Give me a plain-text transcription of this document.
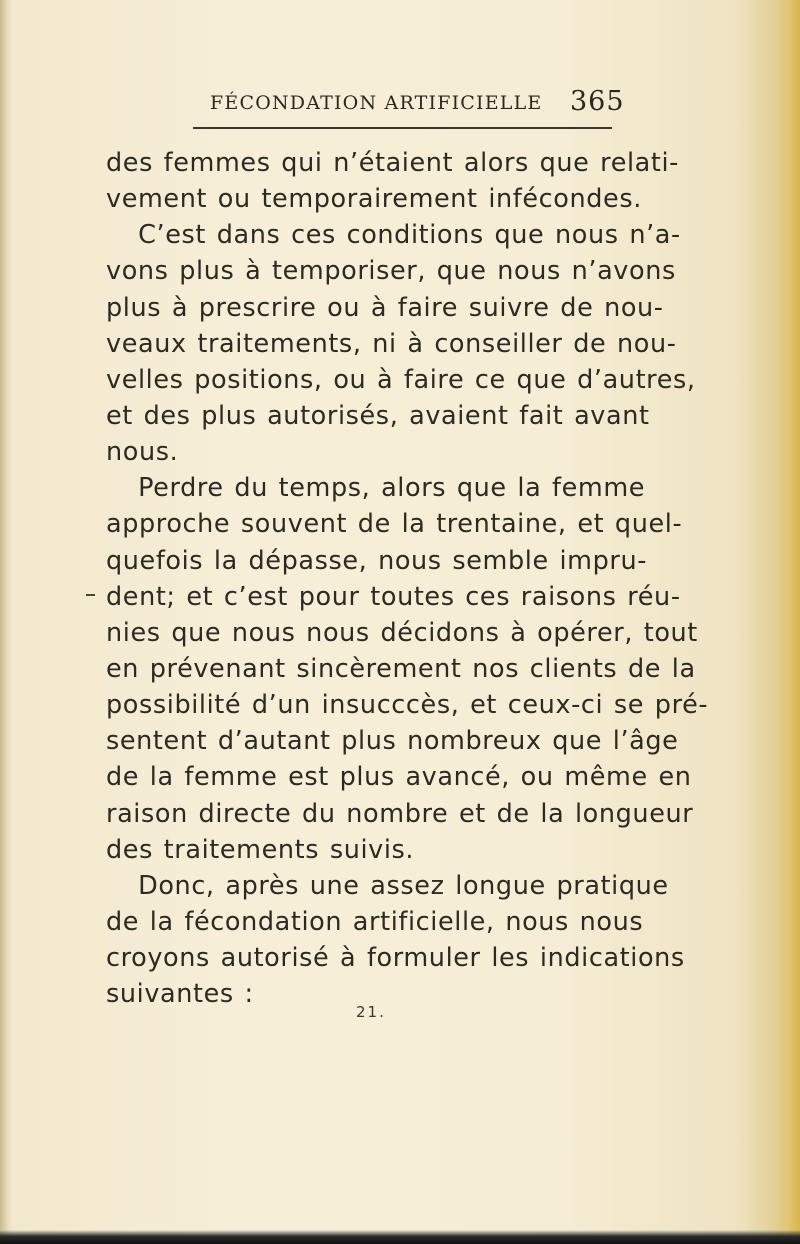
FÉCONDATION ARTIFICIELLE 365
des femmes qui n’étaient alors que relati-
vement ou temporairement infécondes.
C’est dans ces conditions que nous n’a-
vons plus à temporiser, que nous n’avons
plus à prescrire ou à faire suivre de nou-
veaux traitements, ni à conseiller de nou-
velles positions, ou à faire ce que d’autres,
et des plus autorisés, avaient fait avant
nous.
Perdre du temps, alors que la femme
approche souvent de la trentaine, et quel-
quefois la dépasse, nous semble impru-
dent; et c’est pour toutes ces raisons réu-
nies que nous nous décidons à opérer, tout
en prévenant sincèrement nos clients de la
possibilité d’un insucccès, et ceux-ci se pré-
sentent d’autant plus nombreux que l’âge
de la femme est plus avancé, ou même en
raison directe du nombre et de la longueur
des traitements suivis.
Donc, après une assez longue pratique
de la fécondation artificielle, nous nous
croyons autorisé à formuler les indications
suivantes :
21.
